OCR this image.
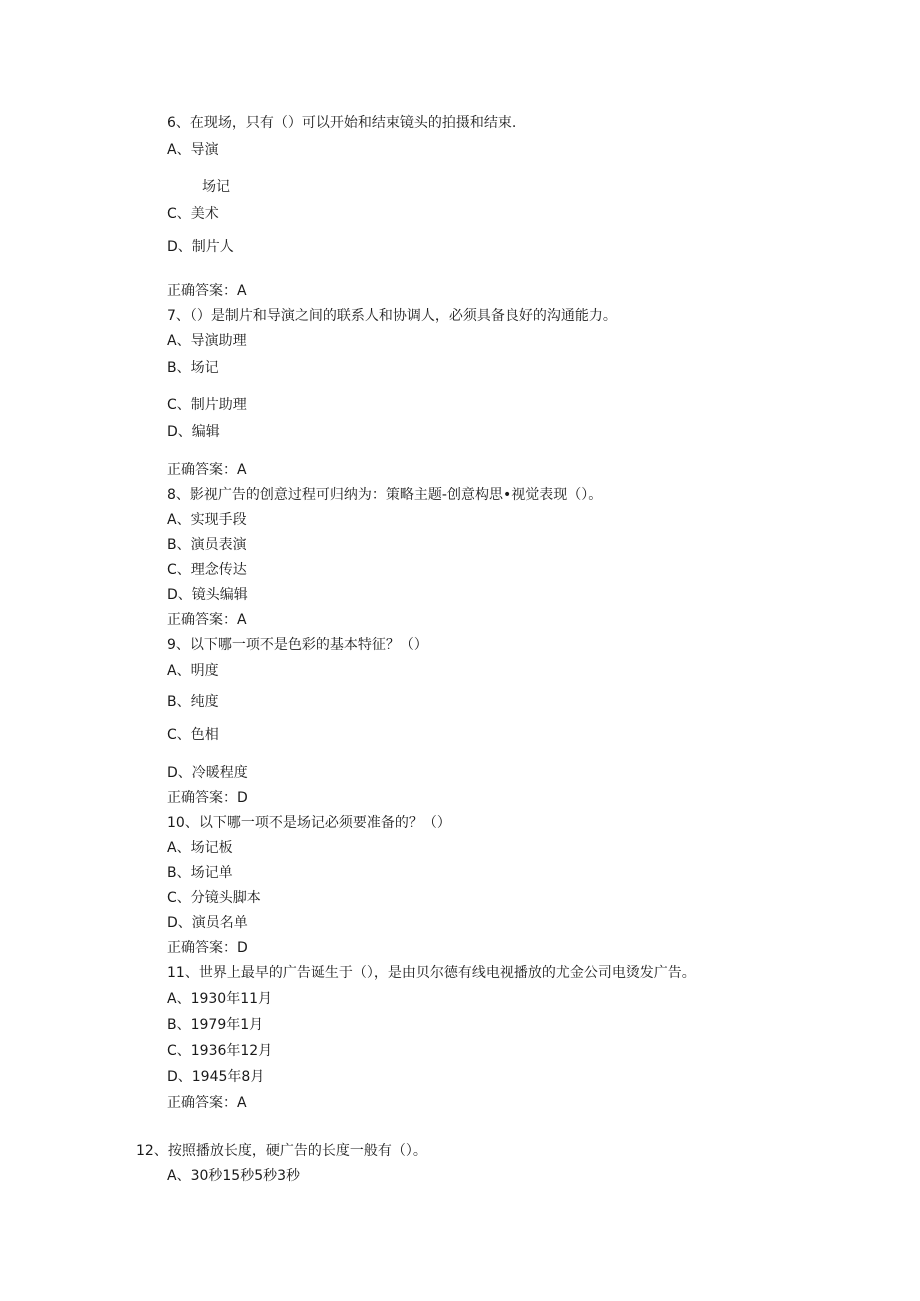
6、在现场，只有（）可以开始和结束镜头的拍摄和结束.
A、导演
场记
C、美术
D、制片人
正确答案：A
7、（）是制片和导演之间的联系人和协调人，必须具备良好的沟通能力。
A、导演助理
B、场记
C、制片助理
D、编辑
正确答案：A
8、影视广告的创意过程可归纳为：策略主题-创意构思•视觉表现（）。
A、实现手段
B、演员表演
C、理念传达
D、镜头编辑
正确答案：A
9、以下哪一项不是色彩的基本特征？（）
A、明度
B、纯度
C、色相
D、冷暖程度
正确答案：D
10、以下哪一项不是场记必须要准备的？（）
A、场记板
B、场记单
C、分镜头脚本
D、演员名单
正确答案：D
11、世界上最早的广告诞生于（），是由贝尔德有线电视播放的尤金公司电烫发广告。
A、1930年11月
B、1979年1月
C、1936年12月
D、1945年8月
正确答案：A
12、按照播放长度，硬广告的长度一般有（）。
A、30秒15秒5秒3秒
